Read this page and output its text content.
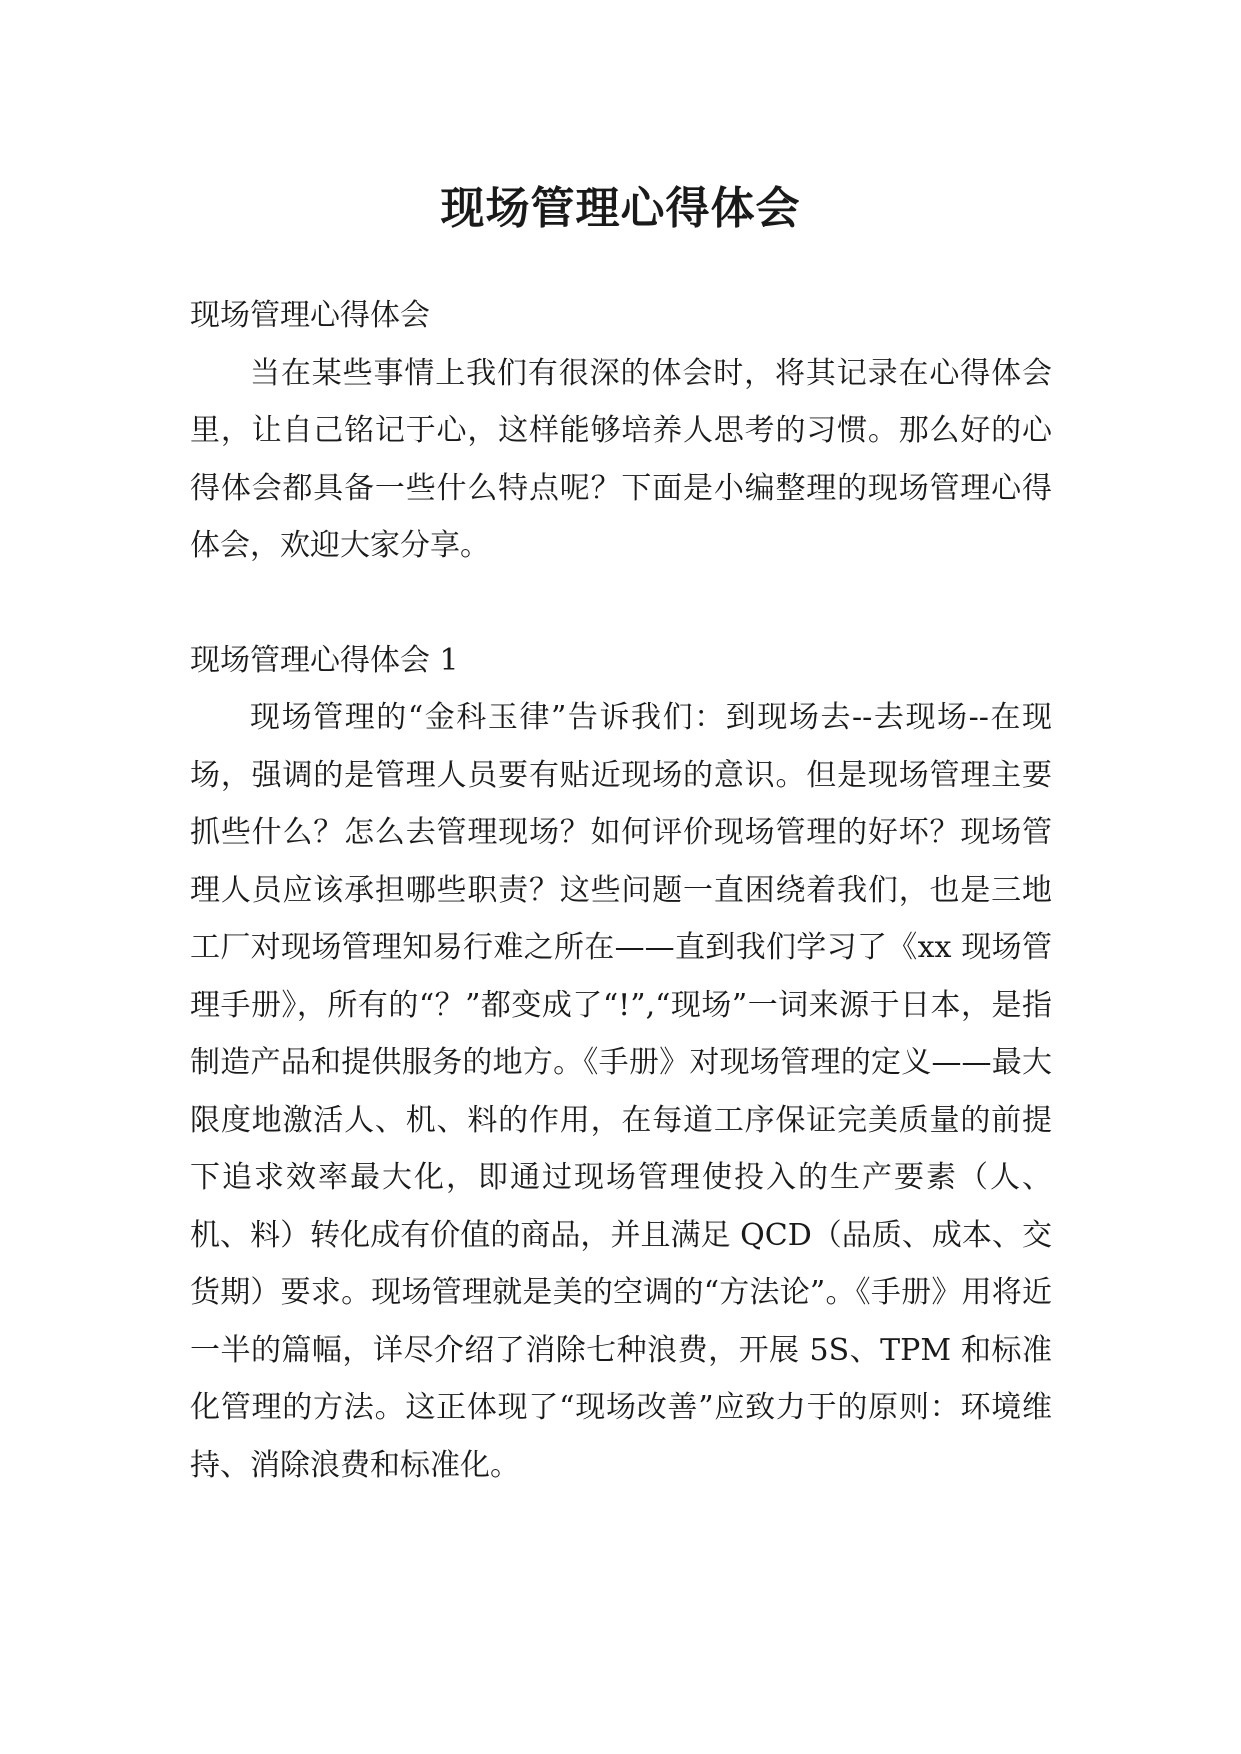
现场管理心得体会

现场管理心得体会

当在某些事情上我们有很深的体会时，将其记录在心得体会里，让自己铭记于心，这样能够培养人思考的习惯。那么好的心得体会都具备一些什么特点呢？下面是小编整理的现场管理心得体会，欢迎大家分享。

现场管理心得体会 1

现场管理的“金科玉律”告诉我们：到现场去--去现场--在现场，强调的是管理人员要有贴近现场的意识。但是现场管理主要抓些什么？怎么去管理现场？如何评价现场管理的好坏？现场管理人员应该承担哪些职责？这些问题一直困绕着我们，也是三地工厂对现场管理知易行难之所在——直到我们学习了《xx 现场管理手册》，所有的“？”都变成了“!”,“现场”一词来源于日本，是指制造产品和提供服务的地方。《手册》对现场管理的定义——最大限度地激活人、机、料的作用，在每道工序保证完美质量的前提下追求效率最大化，即通过现场管理使投入的生产要素（人、机、料）转化成有价值的商品，并且满足 QCD（品质、成本、交货期）要求。现场管理就是美的空调的“方法论”。《手册》用将近一半的篇幅，详尽介绍了消除七种浪费，开展 5S、TPM 和标准化管理的方法。这正体现了“现场改善”应致力于的原则：环境维持、消除浪费和标准化。
